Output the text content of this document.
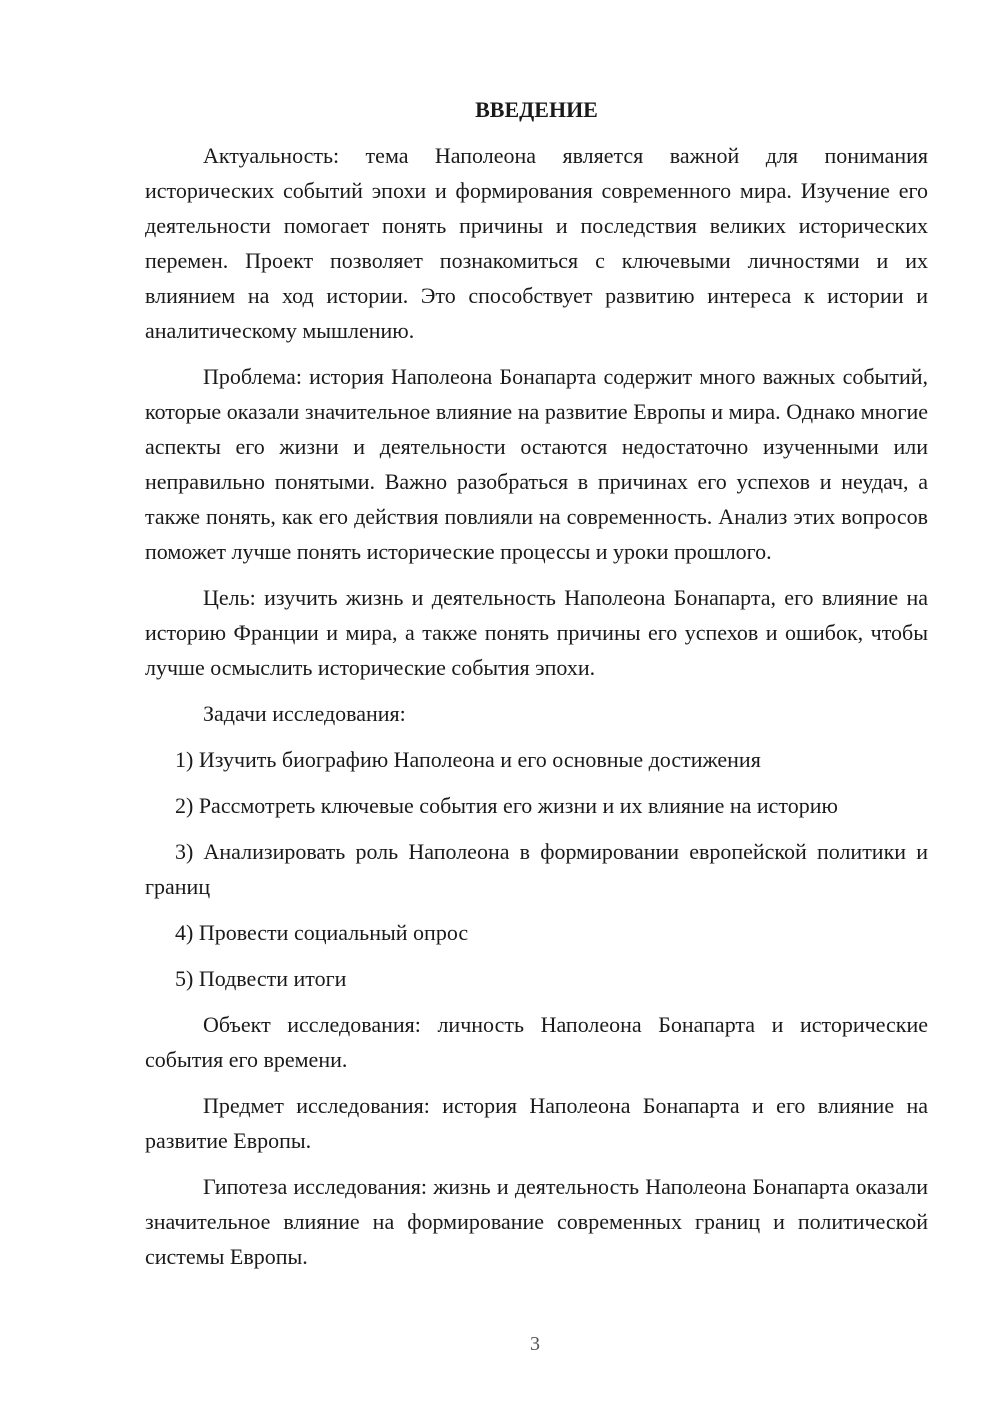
ВВЕДЕНИЕ

Актуальность: тема Наполеона является важной для понимания исторических событий эпохи и формирования современного мира. Изучение его деятельности помогает понять причины и последствия великих исторических перемен. Проект позволяет познакомиться с ключевыми личностями и их влиянием на ход истории. Это способствует развитию интереса к истории и аналитическому мышлению.

Проблема: история Наполеона Бонапарта содержит много важных событий, которые оказали значительное влияние на развитие Европы и мира. Однако многие аспекты его жизни и деятельности остаются недостаточно изученными или неправильно понятыми. Важно разобраться в причинах его успехов и неудач, а также понять, как его действия повлияли на современность. Анализ этих вопросов поможет лучше понять исторические процессы и уроки прошлого.

Цель: изучить жизнь и деятельность Наполеона Бонапарта, его влияние на историю Франции и мира, а также понять причины его успехов и ошибок, чтобы лучше осмыслить исторические события эпохи.

Задачи исследования:

1) Изучить биографию Наполеона и его основные достижения

2) Рассмотреть ключевые события его жизни и их влияние на историю

3) Анализировать роль Наполеона в формировании европейской политики и границ

4) Провести социальный опрос

5) Подвести итоги

Объект исследования: личность Наполеона Бонапарта и исторические события его времени.

Предмет исследования: история Наполеона Бонапарта и его влияние на развитие Европы.

Гипотеза исследования: жизнь и деятельность Наполеона Бонапарта оказали значительное влияние на формирование современных границ и политической системы Европы.

3
